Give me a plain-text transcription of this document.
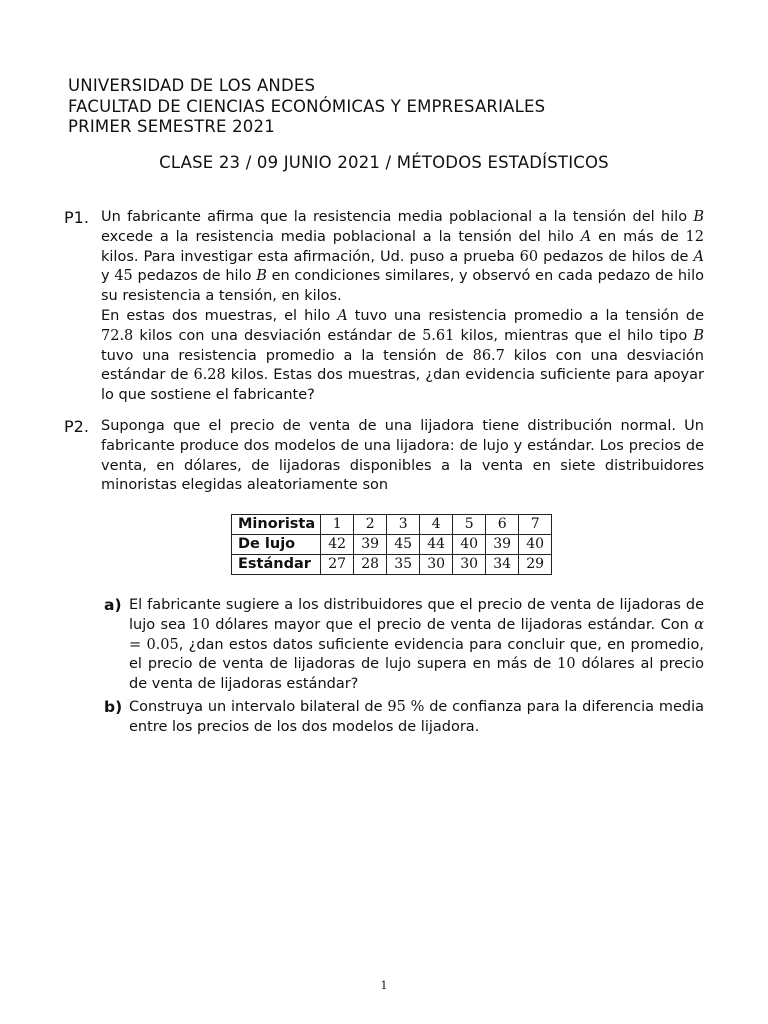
UNIVERSIDAD DE LOS ANDES
FACULTAD DE CIENCIAS ECONÓMICAS Y EMPRESARIALES
PRIMER SEMESTRE 2021
CLASE 23 / 09 JUNIO 2021 / MÉTODOS ESTADÍSTICOS
P1. Un fabricante afirma que la resistencia media poblacional a la tensión del hilo B excede a la resistencia media poblacional a la tensión del hilo A en más de 12 kilos. Para investigar esta afirmación, Ud. puso a prueba 60 pedazos de hilos de A y 45 pedazos de hilo B en condiciones similares, y observó en cada pedazo de hilo su resistencia a tensión, en kilos.

En estas dos muestras, el hilo A tuvo una resistencia promedio a la tensión de 72.8 kilos con una desviación estándar de 5.61 kilos, mientras que el hilo tipo B tuvo una resistencia promedio a la tensión de 86.7 kilos con una desviación estándar de 6.28 kilos. Estas dos muestras, ¿dan evidencia suficiente para apoyar lo que sostiene el fabricante?

P2. Suponga que el precio de venta de una lijadora tiene distribución normal. Un fabricante produce dos modelos de una lijadora: de lujo y estándar. Los precios de venta, en dólares, de lijadoras disponibles a la venta en siete distribuidores minoristas elegidas aleatoriamente son

Minorista	1	2	3	4	5	6	7
De lujo	42	39	45	44	40	39	40
Estándar	27	28	35	30	30	34	29
a) El fabricante sugiere a los distribuidores que el precio de venta de lijadoras de lujo sea 10 dólares mayor que el precio de venta de lijadoras estándar. Con α = 0.05, ¿dan estos datos suficiente evidencia para concluir que, en promedio, el precio de venta de lijadoras de lujo supera en más de 10 dólares al precio de venta de lijadoras estándar?
b) Construya un intervalo bilateral de 95 % de confianza para la diferencia media entre los precios de los dos modelos de lijadora.
1
